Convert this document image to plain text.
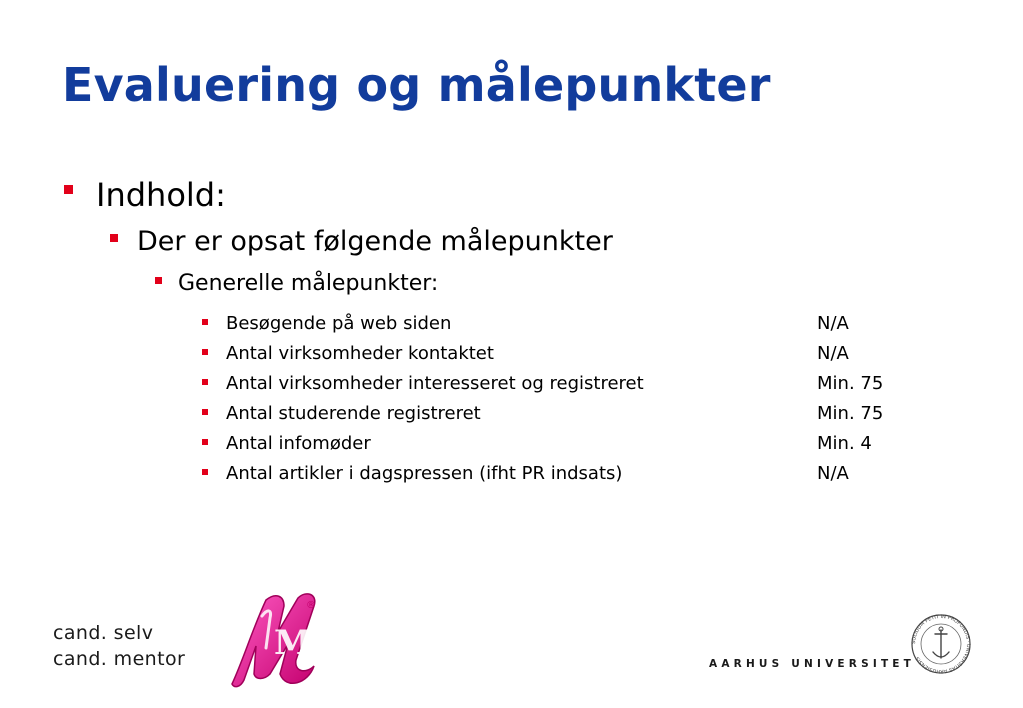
Evaluering og målepunkter
Indhold:
Der er opsat følgende målepunkter
Generelle målepunkter:
Besøgende på web siden	N/A
Antal virksomheder kontaktet	N/A
Antal virksomheder interesseret og registreret	Min. 75
Antal studerende registreret	Min. 75
Antal infomøder	Min. 4
Antal artikler i dagspressen (ifht PR indsats)	N/A
cand. selv
cand. mentor	M
®
AARHUS UNIVERSITET
SOLIDUM PETIT IN PROFUNDIS · UNIVERSITAS ARHUSIENSIS
